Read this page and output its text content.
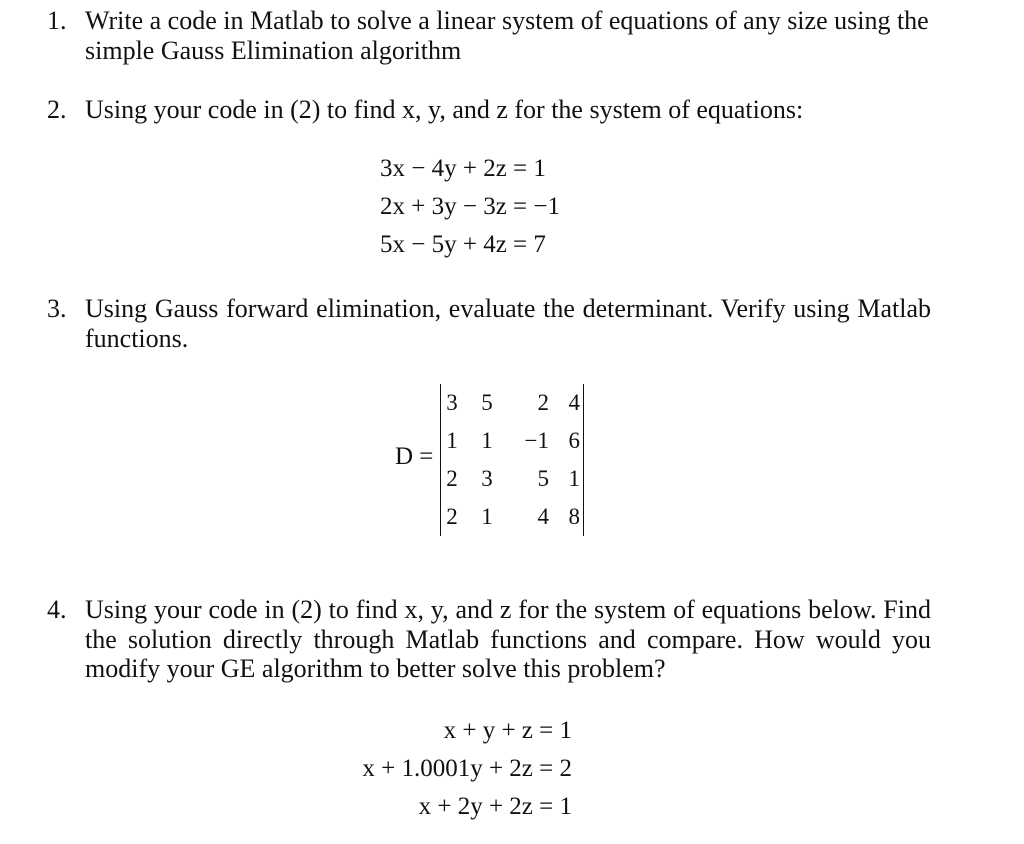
1. Write a code in Matlab to solve a linear system of equations of any size using the
simple Gauss Elimination algorithm
2. Using your code in (2) to find x, y, and z for the system of equations:
3x − 4y + 2z = 1
2x + 3y − 3z = −1
5x − 5y + 4z = 7
3. Using Gauss forward elimination, evaluate the determinant. Verify using Matlab
functions.
D =
3	5	2 4
1	1	−1 6
2	3	5 1
2	1	4 8
4. Using your code in (2) to find x, y, and z for the system of equations below. Find
the solution directly through Matlab functions and compare. How would you
modify your GE algorithm to better solve this problem?
x + y + z = 1
x + 1.0001y + 2z = 2
x + 2y + 2z = 1
